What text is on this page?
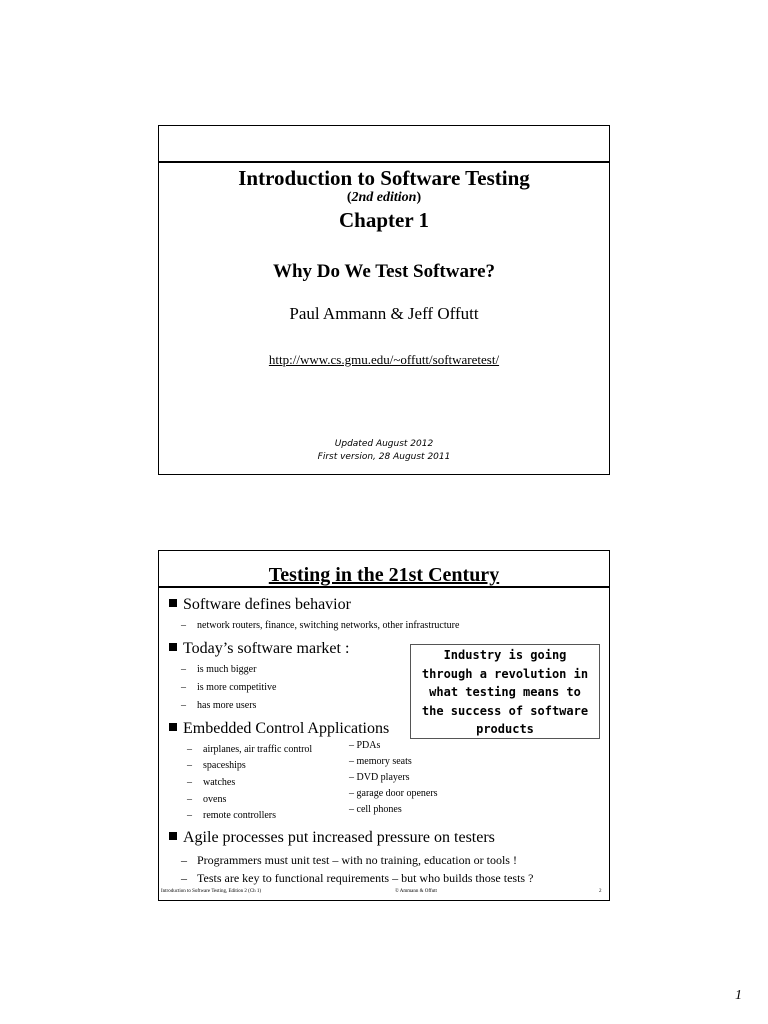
Introduction to Software Testing
(2nd edition)
Chapter 1
Why Do We Test Software?
Paul Ammann & Jeff Offutt
http://www.cs.gmu.edu/~offutt/softwaretest/
Updated August 2012
First version, 28 August 2011
Testing in the 21st Century
Software defines behavior
– network routers, finance, switching networks, other infrastructure
Today’s software market :
– is much bigger
– is more competitive
– has more users
Embedded Control Applications
– airplanes, air traffic control
– spaceships
– watches
– ovens
– remote controllers
– PDAs
– memory seats
– DVD players
– garage door openers
– cell phones
Agile processes put increased pressure on testers
– Programmers must unit test – with no training, education or tools !
– Tests are key to functional requirements – but who builds those tests ?
Industry is going
through a revolution in
what testing means to
the success of software
products
Introduction to Software Testing, Edition 2 (Ch 1)	© Ammann & Offutt	2
1
